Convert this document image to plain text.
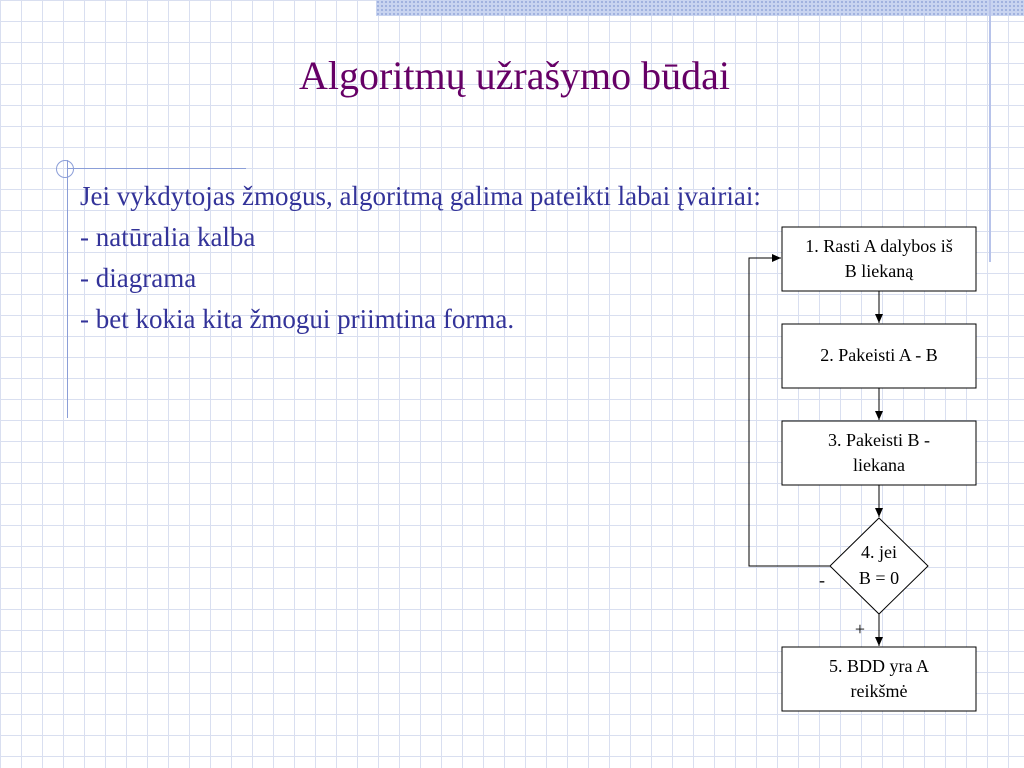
Algoritmų užrašymo būdai
Jei vykdytojas žmogus, algoritmą galima pateikti labai įvairiai:
- natūralia kalba
- diagrama
- bet kokia kita žmogui priimtina forma.
1. Rasti A dalybos iš
B liekaną
2. Pakeisti A - B
3. Pakeisti B -
liekana
4. jei
B = 0
-
+
5. BDD yra A
reikšmė
